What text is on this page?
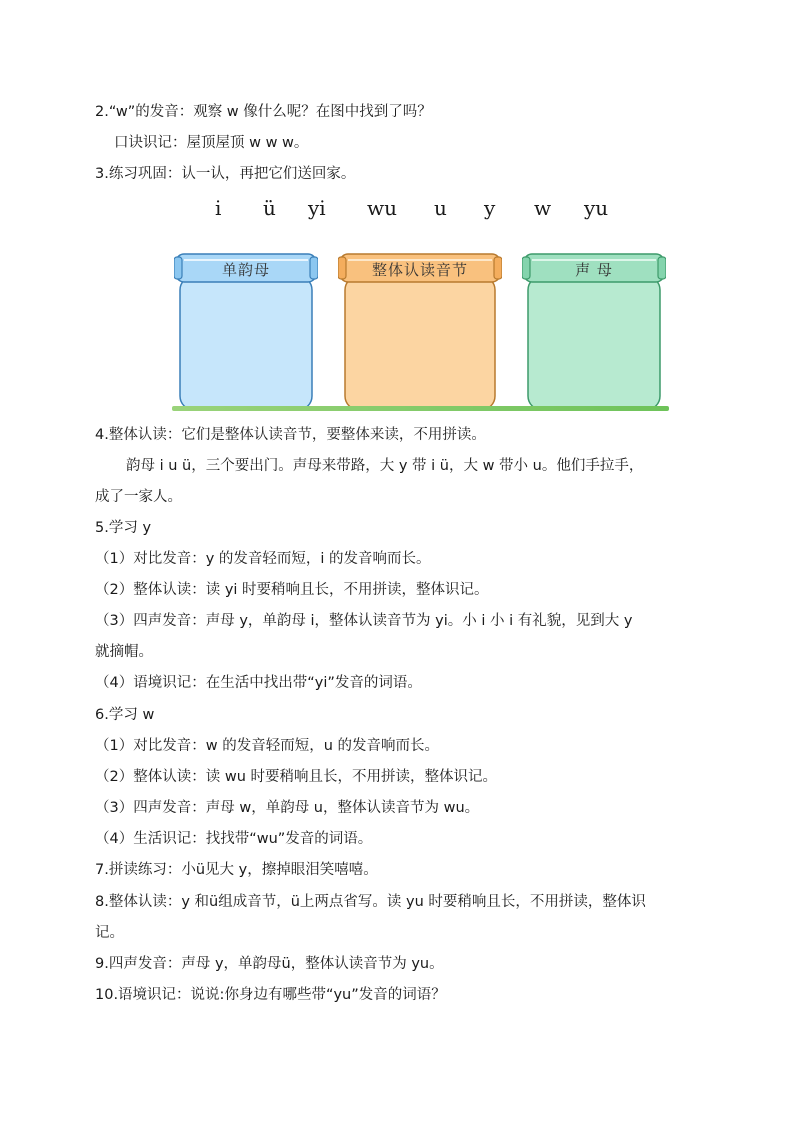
2.“w”的发音：观察 w 像什么呢？在图中找到了吗？
口诀识记：屋顶屋顶 w w w。
3.练习巩固：认一认，再把它们送回家。
i ü yi wu u y w yu
单韵母	整体认读音节	声 母
4.整体认读：它们是整体认读音节，要整体来读，不用拼读。
韵母 i u ü，三个要出门。声母来带路，大 y 带 i ü，大 w 带小 u。他们手拉手，
成了一家人。
5.学习 y
（1）对比发音：y 的发音轻而短，i 的发音响而长。
（2）整体认读：读 yi 时要稍响且长，不用拼读，整体识记。
（3）四声发音：声母 y，单韵母 i，整体认读音节为 yi。小 i 小 i 有礼貌，见到大 y
就摘帽。
（4）语境识记：在生活中找出带“yi”发音的词语。
6.学习 w
（1）对比发音：w 的发音轻而短，u 的发音响而长。
（2）整体认读：读 wu 时要稍响且长，不用拼读，整体识记。
（3）四声发音：声母 w，单韵母 u，整体认读音节为 wu。
（4）生活识记：找找带“wu”发音的词语。
7.拼读练习：小ü见大 y，擦掉眼泪笑嘻嘻。
8.整体认读：y 和ü组成音节，ü上两点省写。读 yu 时要稍响且长，不用拼读，整体识
记。
9.四声发音：声母 y，单韵母ü，整体认读音节为 yu。
10.语境识记：说说:你身边有哪些带“yu”发音的词语？
